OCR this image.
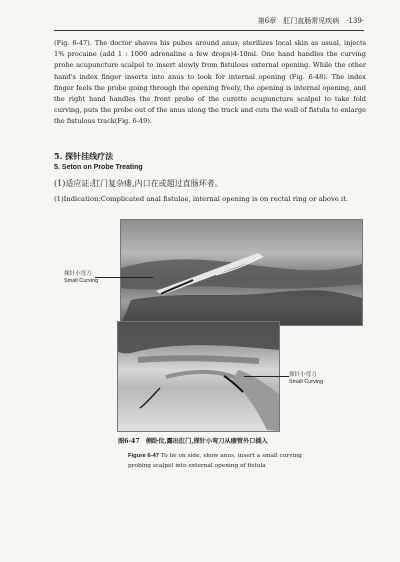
第6章　肛门直肠常见疾病　·139·
(Fig. 6-47). The doctor shaves his pubes around anus, sterilizes local skin as usual, injects 1% procaine (add 1 : 1000 adrenaline a few drops)4-10ml. One hand handles the curving probe acupuncture scalpel to insert slowly from fistulous external opening. While the other hand's index finger inserts into anus to look for internal opening (Fig. 6-48). The index finger feels the probe going through the opening freely, the opening is internal opening, and the right hand handles the front probe of the curette acupuncture scalpel to take fold curving, puts the probe out of the anus along the track and cuts the wall of fistula to enlarge the fistulous track(Fig. 6-49).
5. 探针挂线疗法
5. Seton on Probe Treating
(1)适应证:肛门复杂瘘,内口在或超过直肠环者。
(1)Indication:Complicated anal fistulae, internal opening is on rectal ring or above it.
探针小弯刀
Small Curving
探针小弯刀
Small Curving
图6-47　侧卧位,露出肛门,探针小弯刀从瘘管外口插入
Figure 6-47 To lie on side, show anus, insert a small curving probing scalpel into external opening of fistula
